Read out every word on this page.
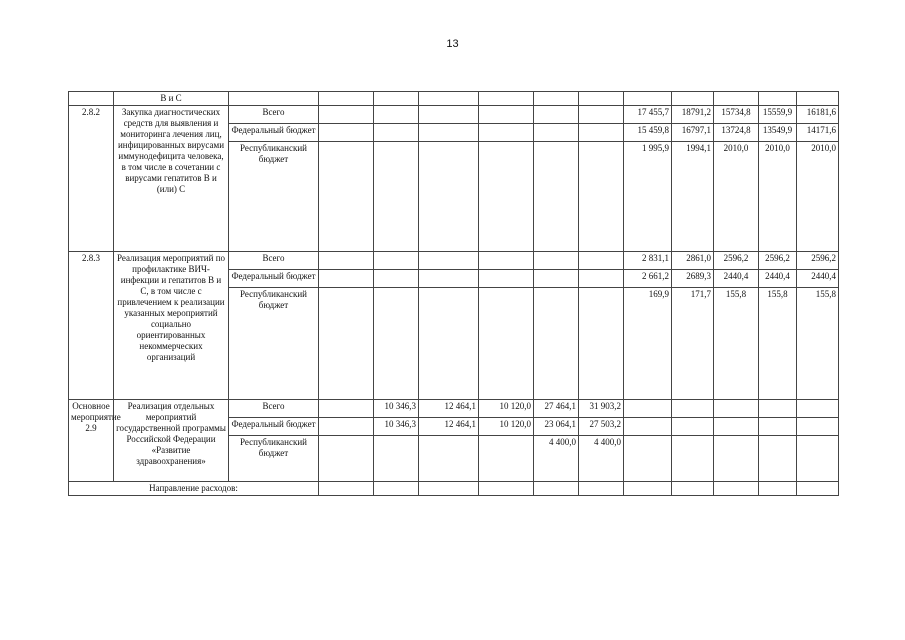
13
	В и С												
2.8.2	Закупка диагностических средств для выявления и мониторинга лечения лиц, инфицированных вирусами иммунодефицита человека, в том числе в сочетании с вирусами гепатитов В и (или) С	Всего							17 455,7	18791,2	15734,8	15559,9	16181,6
		Федеральный бюджет							15 459,8	16797,1	13724,8	13549,9	14171,6
		Республиканский бюджет							1 995,9	1994,1	2010,0	2010,0	2010,0
2.8.3	Реализация мероприятий по профилактике ВИЧ-инфекции и гепатитов В и С, в том числе с привлечением к реализации указанных мероприятий социально ориентированных некоммерческих организаций	Всего							2 831,1	2861,0	2596,2	2596,2	2596,2
		Федеральный бюджет							2 661,2	2689,3	2440,4	2440,4	2440,4
		Республиканский бюджет							169,9	171,7	155,8	155,8	155,8
Основное мероприятие 2.9	Реализация отдельных мероприятий государственной программы Российской Федерации «Развитие здравоохранения»	Всего		10 346,3	12 464,1	10 120,0	27 464,1	31 903,2					
		Федеральный бюджет		10 346,3	12 464,1	10 120,0	23 064,1	27 503,2					
		Республиканский бюджет					4 400,0	4 400,0					
Направление расходов:													
